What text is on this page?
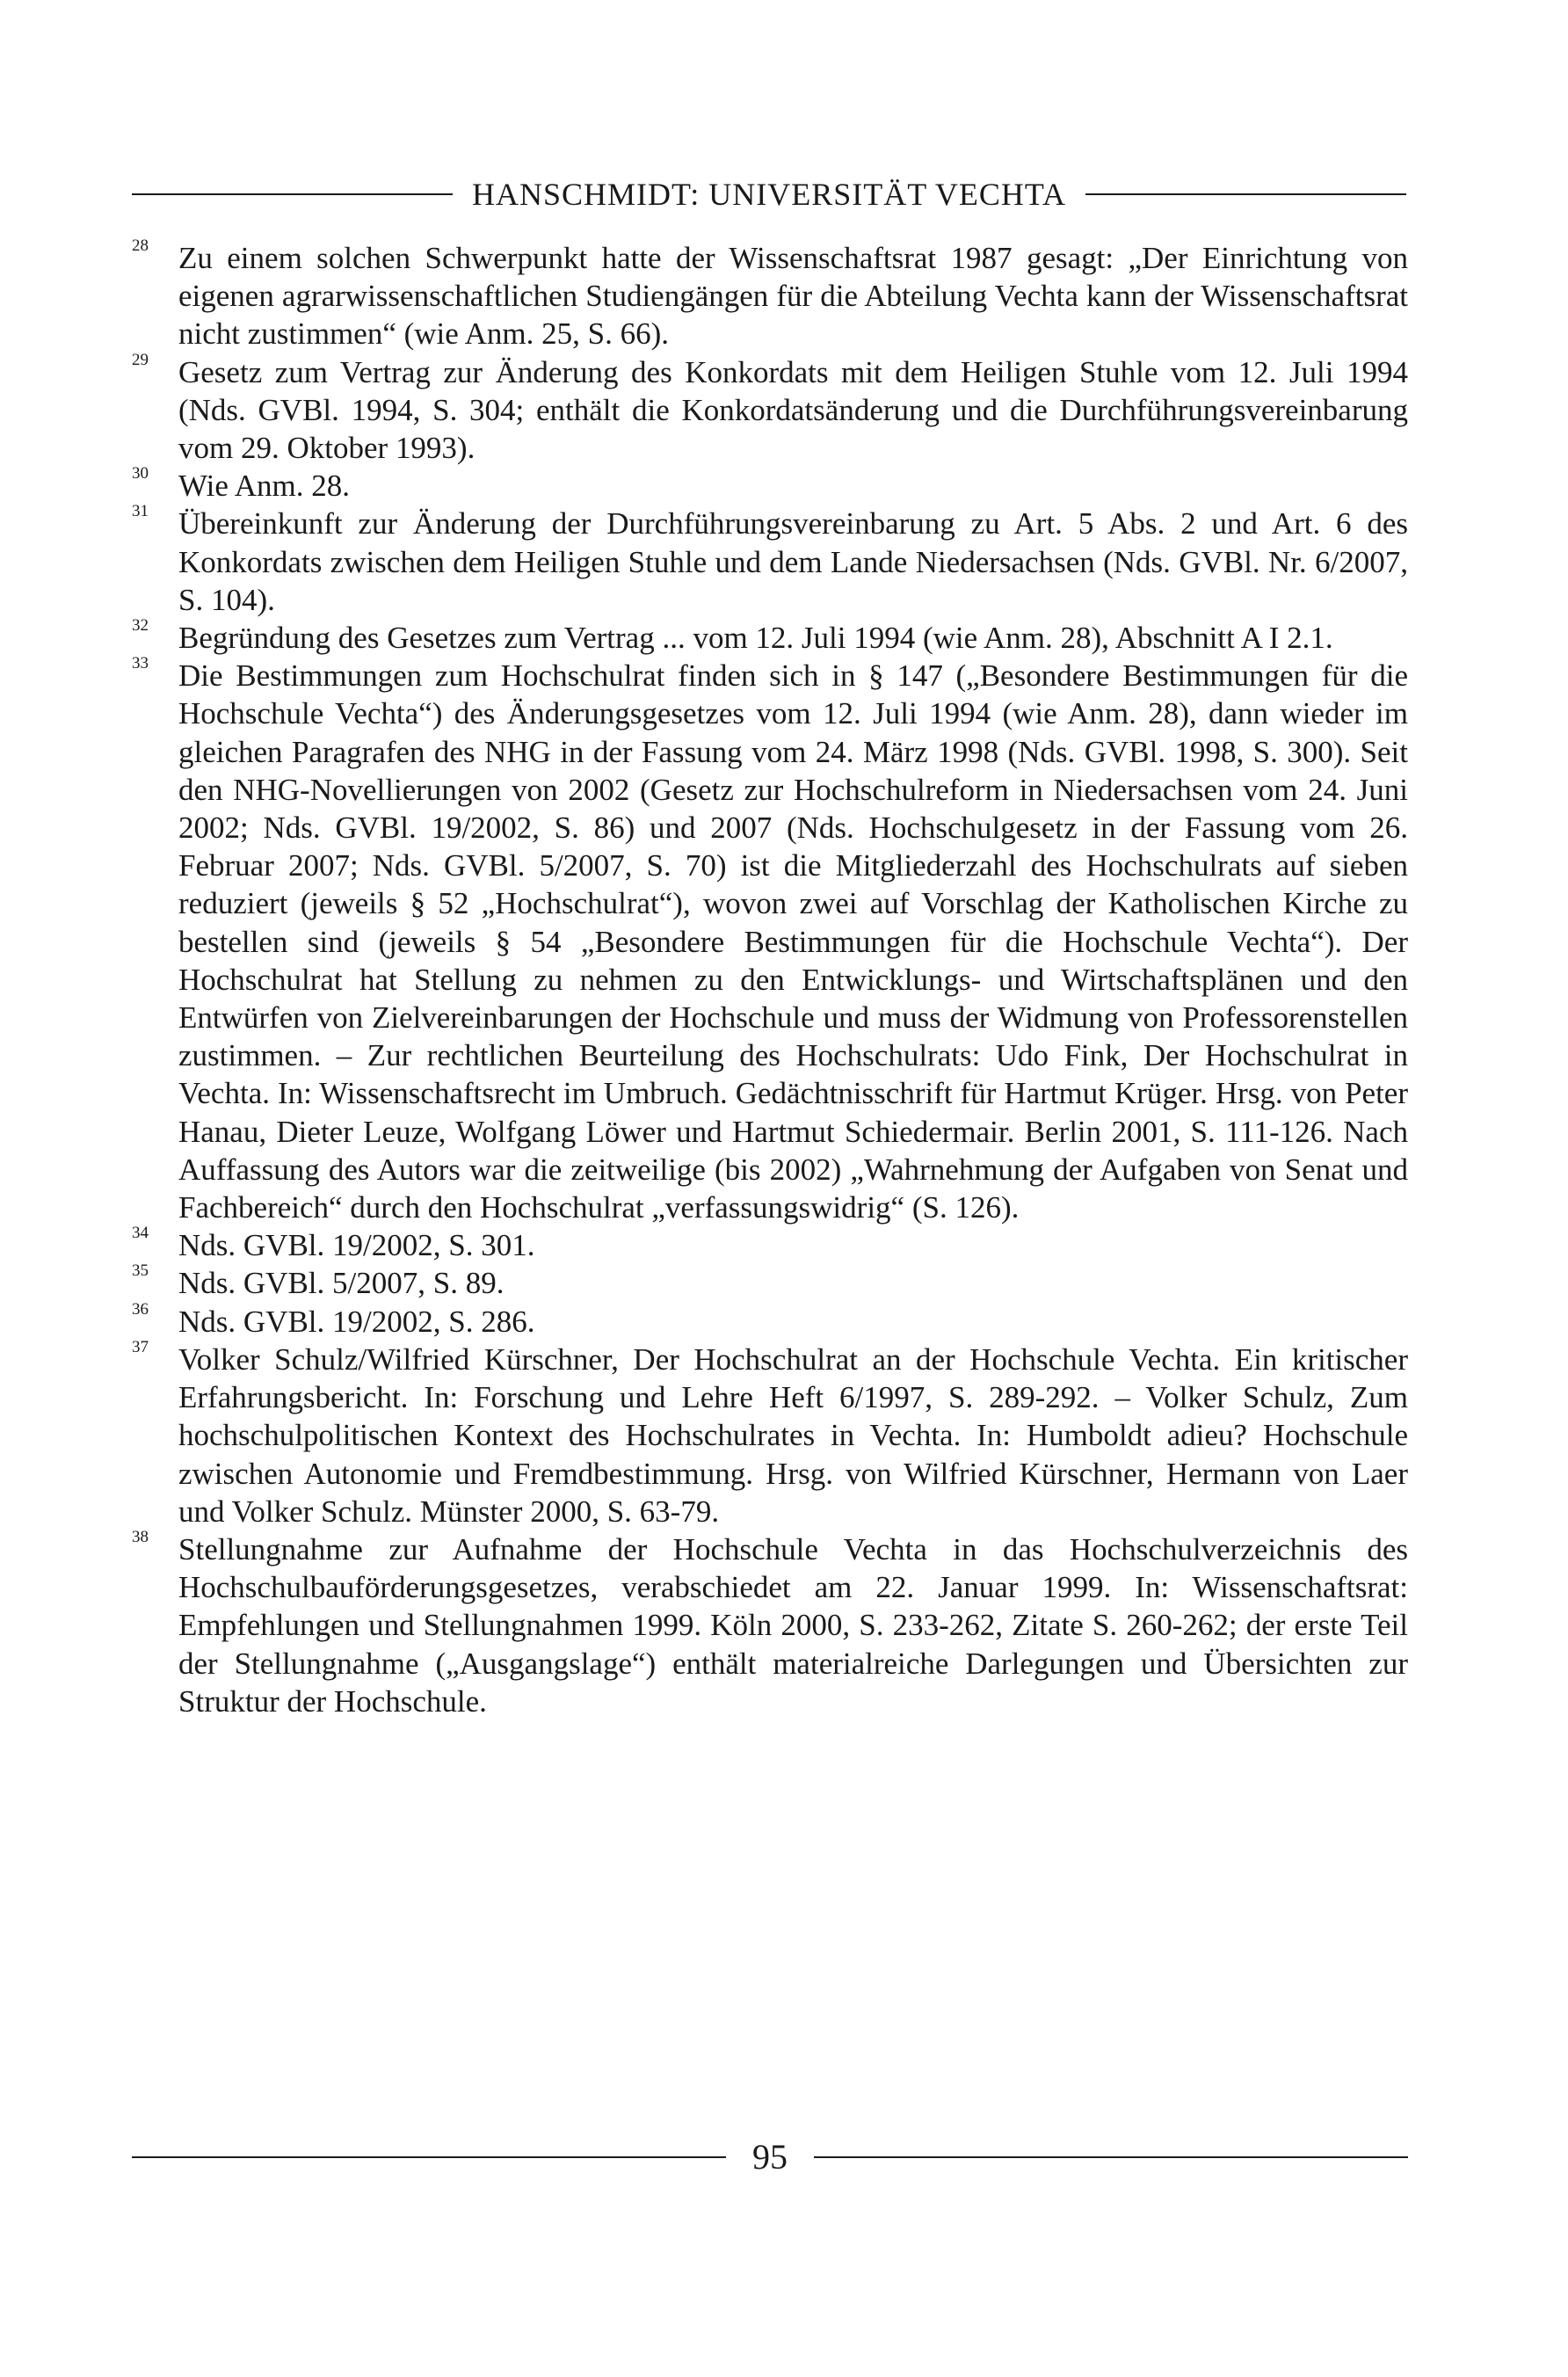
HANSCHMIDT: UNIVERSITÄT VECHTA
28 Zu einem solchen Schwerpunkt hatte der Wissenschaftsrat 1987 gesagt: „Der Einrichtung von eigenen agrarwissenschaftlichen Studiengängen für die Abteilung Vechta kann der Wissenschaftsrat nicht zustimmen“ (wie Anm. 25, S. 66).
29 Gesetz zum Vertrag zur Änderung des Konkordats mit dem Heiligen Stuhle vom 12. Juli 1994 (Nds. GVBl. 1994, S. 304; enthält die Konkordatsänderung und die Durchführungsvereinbarung vom 29. Oktober 1993).
30 Wie Anm. 28.
31 Übereinkunft zur Änderung der Durchführungsvereinbarung zu Art. 5 Abs. 2 und Art. 6 des Konkordats zwischen dem Heiligen Stuhle und dem Lande Niedersachsen (Nds. GVBl. Nr. 6/2007, S. 104).
32 Begründung des Gesetzes zum Vertrag ... vom 12. Juli 1994 (wie Anm. 28), Abschnitt A I 2.1.
33 Die Bestimmungen zum Hochschulrat finden sich in § 147 („Besondere Bestimmungen für die Hochschule Vechta“) des Änderungsgesetzes vom 12. Juli 1994 (wie Anm. 28), dann wieder im gleichen Paragrafen des NHG in der Fassung vom 24. März 1998 (Nds. GVBl. 1998, S. 300). Seit den NHG-Novellierungen von 2002 (Gesetz zur Hochschulreform in Niedersachsen vom 24. Juni 2002; Nds. GVBl. 19/2002, S. 86) und 2007 (Nds. Hochschulgesetz in der Fassung vom 26. Februar 2007; Nds. GVBl. 5/2007, S. 70) ist die Mitgliederzahl des Hochschulrats auf sieben reduziert (jeweils § 52 „Hochschulrat“), wovon zwei auf Vorschlag der Katholischen Kirche zu bestellen sind (jeweils § 54 „Besondere Bestimmungen für die Hochschule Vechta“). Der Hochschulrat hat Stellung zu nehmen zu den Entwicklungs- und Wirtschaftsplänen und den Entwürfen von Zielvereinbarungen der Hochschule und muss der Widmung von Professorenstellen zustimmen. – Zur rechtlichen Beurteilung des Hochschulrats: Udo Fink, Der Hochschulrat in Vechta. In: Wissenschaftsrecht im Umbruch. Gedächtnisschrift für Hartmut Krüger. Hrsg. von Peter Hanau, Dieter Leuze, Wolfgang Löwer und Hartmut Schiedermair. Berlin 2001, S. 111-126. Nach Auffassung des Autors war die zeitweilige (bis 2002) „Wahrnehmung der Aufgaben von Senat und Fachbereich“ durch den Hochschulrat „verfassungswidrig“ (S. 126).
34 Nds. GVBl. 19/2002, S. 301.
35 Nds. GVBl. 5/2007, S. 89.
36 Nds. GVBl. 19/2002, S. 286.
37 Volker Schulz/Wilfried Kürschner, Der Hochschulrat an der Hochschule Vechta. Ein kritischer Erfahrungsbericht. In: Forschung und Lehre Heft 6/1997, S. 289-292. – Volker Schulz, Zum hochschulpolitischen Kontext des Hochschulrates in Vechta. In: Humboldt adieu? Hochschule zwischen Autonomie und Fremdbestimmung. Hrsg. von Wilfried Kürschner, Hermann von Laer und Volker Schulz. Münster 2000, S. 63-79.
38 Stellungnahme zur Aufnahme der Hochschule Vechta in das Hochschulverzeichnis des Hochschulbauförderungsgesetzes, verabschiedet am 22. Januar 1999. In: Wissenschaftsrat: Empfehlungen und Stellungnahmen 1999. Köln 2000, S. 233-262, Zitate S. 260-262; der erste Teil der Stellungnahme („Ausgangslage“) enthält materialreiche Darlegungen und Übersichten zur Struktur der Hochschule.
95
